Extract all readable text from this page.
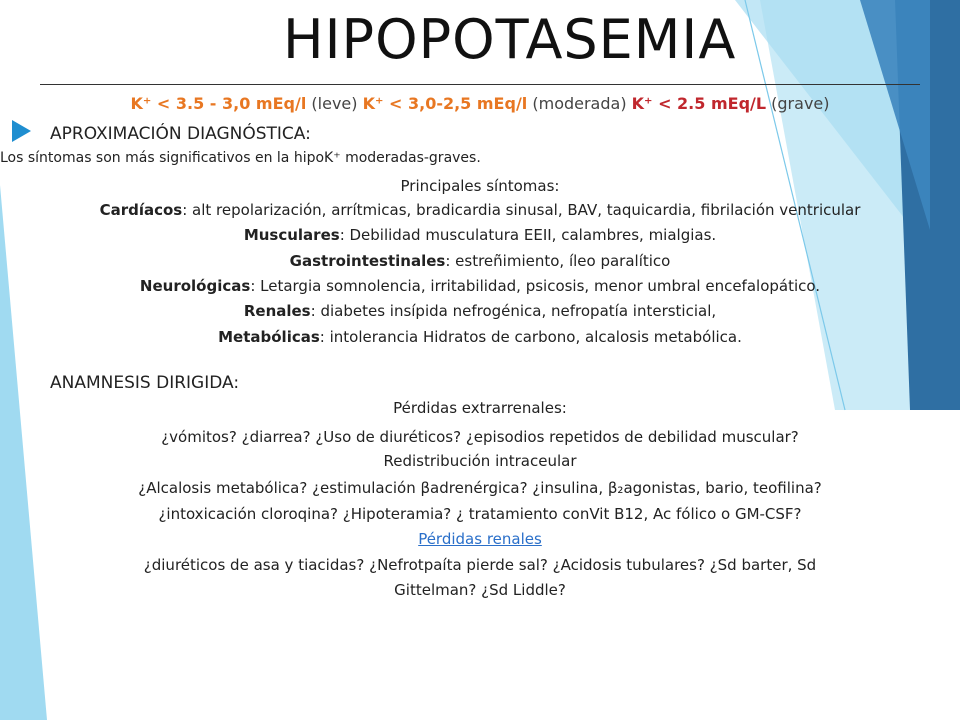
HIPOPOTASEMIA
K⁺ < 3.5 - 3,0 mEq/l (leve) K⁺ < 3,0-2,5 mEq/l (moderada) K⁺ < 2.5 mEq/L (grave)
APROXIMACIÓN DIAGNÓSTICA:
Los síntomas son más significativos en la hipoK⁺ moderadas-graves.
Principales síntomas:
Cardíacos: alt repolarización, arrítmicas, bradicardia sinusal, BAV, taquicardia, fibrilación ventricular
Musculares: Debilidad musculatura EEII, calambres, mialgias.
Gastrointestinales: estreñimiento, íleo paralítico
Neurológicas: Letargia somnolencia, irritabilidad, psicosis, menor umbral encefalopático.
Renales: diabetes insípida nefrogénica, nefropatía intersticial,
Metabólicas: intolerancia Hidratos de carbono, alcalosis metabólica.
ANAMNESIS DIRIGIDA:
Pérdidas extrarrenales:
¿vómitos? ¿diarrea? ¿Uso de diuréticos? ¿episodios repetidos de debilidad muscular?
Redistribución intraceular
¿Alcalosis metabólica? ¿estimulación βadrenérgica? ¿insulina, β₂agonistas, bario, teofilina?
¿intoxicación cloroqina? ¿Hipoteramia? ¿ tratamiento conVit B12, Ac fólico o GM-CSF?
Pérdidas renales
¿diuréticos de asa y tiacidas? ¿Nefrotpaíta pierde sal? ¿Acidosis tubulares? ¿Sd barter, Sd
Gittelman? ¿Sd Liddle?
